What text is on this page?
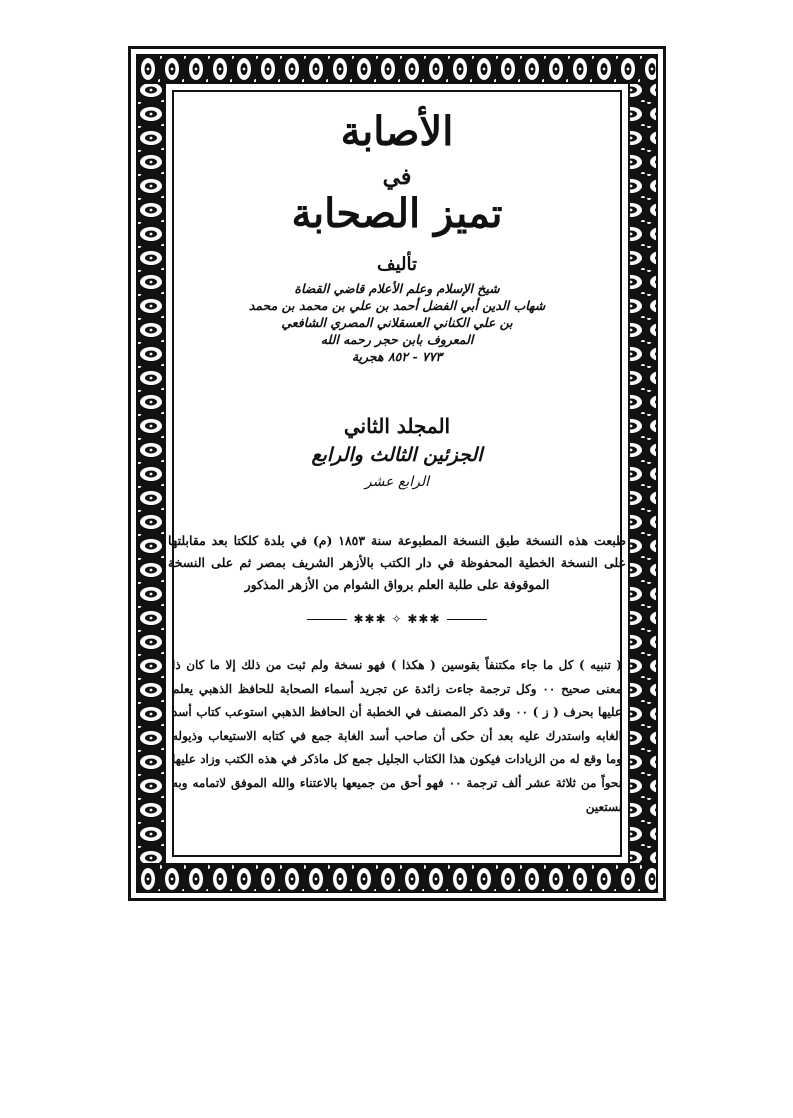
الأصابة
في
تميز الصحابة
تأليف
شيخ الإسلام وعلم الأعلام قاضي القضاة
شهاب الدين أبي الفضل أحمد بن علي بن محمد بن محمد
بن علي الكناني العسقلاني المصري الشافعي
المعروف بابن حجر رحمه الله
٧٧٣ - ٨٥٢ هجرية
المجلد الثاني
الجزئين الثالث والرابع
الرابع عشر
طبعت هذه النسخة طبق النسخة المطبوعة سنة ١٨٥٣ (م) في بلدة كلكتا بعد مقابلتها على النسخة الخطية المحفوظة في دار الكتب بالأزهر الشريف بمصر ثم على النسخة الموقوفة على طلبة العلم برواق الشوام من الأزهر المذكور
✱✱✱ ✧ ✱✱✱

( تنبيه ) كل ما جاء مكتنفاً بقوسين ( هكذا ) فهو نسخة ولم ثبت من ذلك إلا ما كان ذا معنى صحيح ٠٠ وكل ترجمة جاءت زائدة عن تجريد أسماء الصحابة للحافظ الذهبي يعلم عليها بحرف ( ز ) ٠٠ وقد ذكر المصنف في الخطبة أن الحافظ الذهبي استوعب كتاب أسد الغابه واستدرك عليه بعد أن حكى أن صاحب أسد الغابة جمع في كتابه الاستيعاب وذيوله وما وقع له من الزيادات فيكون هذا الكتاب الجليل جمع كل ماذكر في هذه الكتب وزاد عليها نحواً من ثلاثة عشر ألف ترجمة ٠٠ فهو أحق من جميعها بالاعتناء والله الموفق لاتمامه وبه نستعين
